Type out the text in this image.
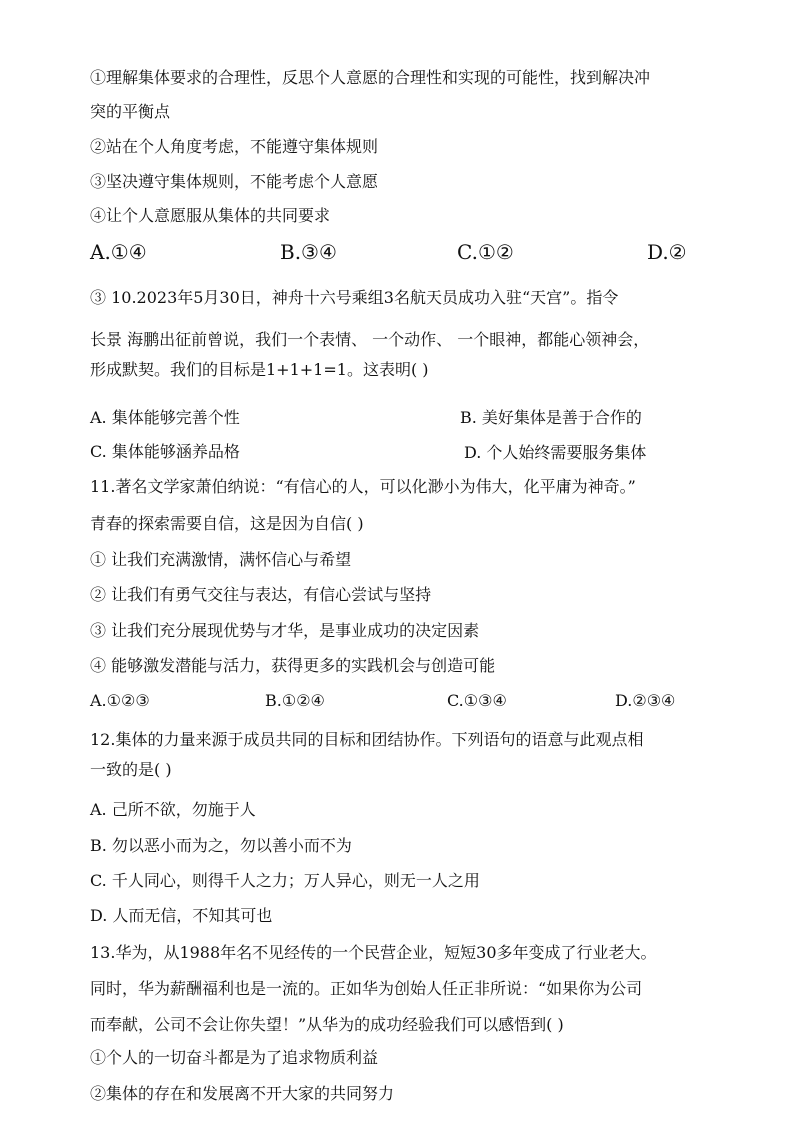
①理解集体要求的合理性，反思个人意愿的合理性和实现的可能性，找到解决冲
突的平衡点
②站在个人角度考虑，不能遵守集体规则
③坚决遵守集体规则，不能考虑个人意愿
④让个人意愿服从集体的共同要求
A.①④	B.③④	C.①②	D.②
③ 10.2023年5月30日，神舟十六号乘组3名航天员成功入驻“天宫”。指令
长景 海鹏出征前曾说，我们一个表情、 一个动作、 一个眼神，都能心领神会，
形成默契。我们的目标是1+1+1=1。这表明( )
A. 集体能够完善个性	B. 美好集体是善于合作的
C. 集体能够涵养品格	D. 个人始终需要服务集体
11.著名文学家萧伯纳说：“有信心的人，可以化渺小为伟大，化平庸为神奇。”
青春的探索需要自信，这是因为自信( )
① 让我们充满激情，满怀信心与希望
② 让我们有勇气交往与表达，有信心尝试与坚持
③ 让我们充分展现优势与才华，是事业成功的决定因素
④ 能够激发潜能与活力，获得更多的实践机会与创造可能
A.①②③	B.①②④	C.①③④	D.②③④
12.集体的力量来源于成员共同的目标和团结协作。下列语句的语意与此观点相
一致的是( )
A. 己所不欲，勿施于人
B. 勿以恶小而为之，勿以善小而不为
C. 千人同心，则得千人之力；万人异心，则无一人之用
D. 人而无信，不知其可也
13.华为，从1988年名不见经传的一个民营企业，短短30多年变成了行业老大。
同时，华为薪酬福利也是一流的。正如华为创始人任正非所说：“如果你为公司
而奉献，公司不会让你失望！”从华为的成功经验我们可以感悟到( )
①个人的一切奋斗都是为了追求物质利益
②集体的存在和发展离不开大家的共同努力
